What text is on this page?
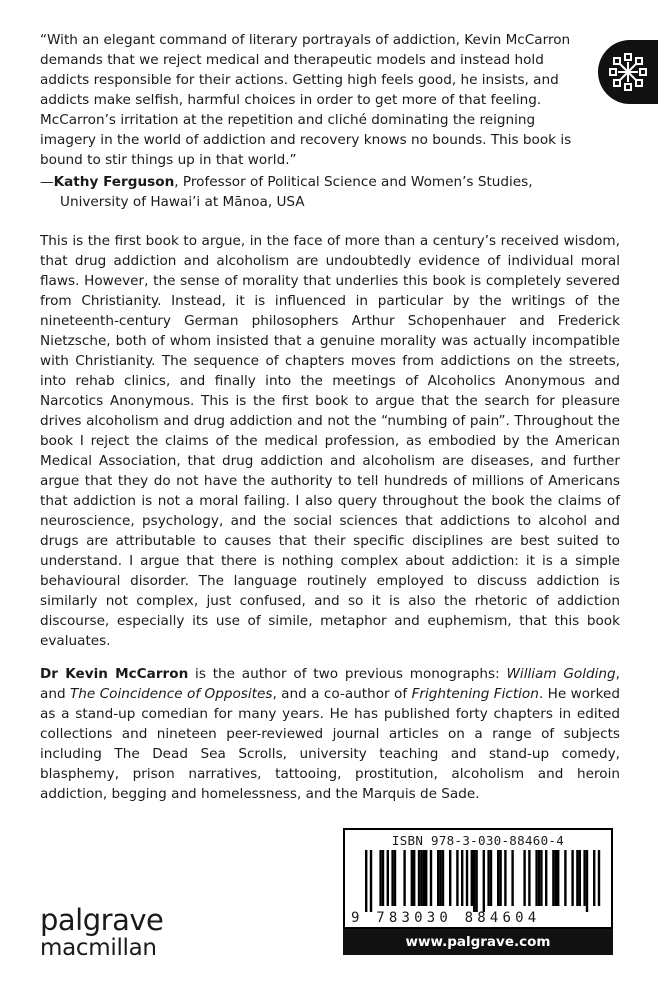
“With an elegant command of literary portrayals of addiction, Kevin McCarron demands that we reject medical and therapeutic models and instead hold addicts responsible for their actions. Getting high feels good, he insists, and addicts make selfish, harmful choices in order to get more of that feeling. McCarron’s irritation at the repetition and cliché dominating the reigning imagery in the world of addiction and recovery knows no bounds. This book is bound to stir things up in that world.”
—Kathy Ferguson, Professor of Political Science and Women’s Studies,
University of Hawai’i at Mānoa, USA

This is the first book to argue, in the face of more than a century’s received wisdom, that drug addiction and alcoholism are undoubtedly evidence of individual moral flaws. However, the sense of morality that underlies this book is completely severed from Christianity. Instead, it is influenced in particular by the writings of the nineteenth-century German philosophers Arthur Schopenhauer and Frederick Nietzsche, both of whom insisted that a genuine morality was actually incompatible with Christianity. The sequence of chapters moves from addictions on the streets, into rehab clinics, and finally into the meetings of Alcoholics Anonymous and Narcotics Anonymous. This is the first book to argue that the search for pleasure drives alcoholism and drug addiction and not the “numbing of pain”. Throughout the book I reject the claims of the medical profession, as embodied by the American Medical Association, that drug addiction and alcoholism are diseases, and further argue that they do not have the authority to tell hundreds of millions of Americans that addiction is not a moral failing. I also query throughout the book the claims of neuroscience, psychology, and the social sciences that addictions to alcohol and drugs are attributable to causes that their specific disciplines are best suited to understand. I argue that there is nothing complex about addiction: it is a simple behavioural disorder. The language routinely employed to discuss addiction is similarly not complex, just confused, and so it is also the rhetoric of addiction discourse, especially its use of simile, metaphor and euphemism, that this book evaluates.

Dr Kevin McCarron is the author of two previous monographs: William Golding, and The Coincidence of Opposites, and a co-author of Frightening Fiction. He worked as a stand-up comedian for many years. He has published forty chapters in edited collections and nineteen peer-reviewed journal articles on a range of subjects including The Dead Sea Scrolls, university teaching and stand-up comedy, blasphemy, prison narratives, tattooing, prostitution, alcoholism and heroin addiction, begging and homelessness, and the Marquis de Sade.

palgrave
macmillan
ISBN 978-3-030-88460-4
9 783030 884604
www.palgrave.com
